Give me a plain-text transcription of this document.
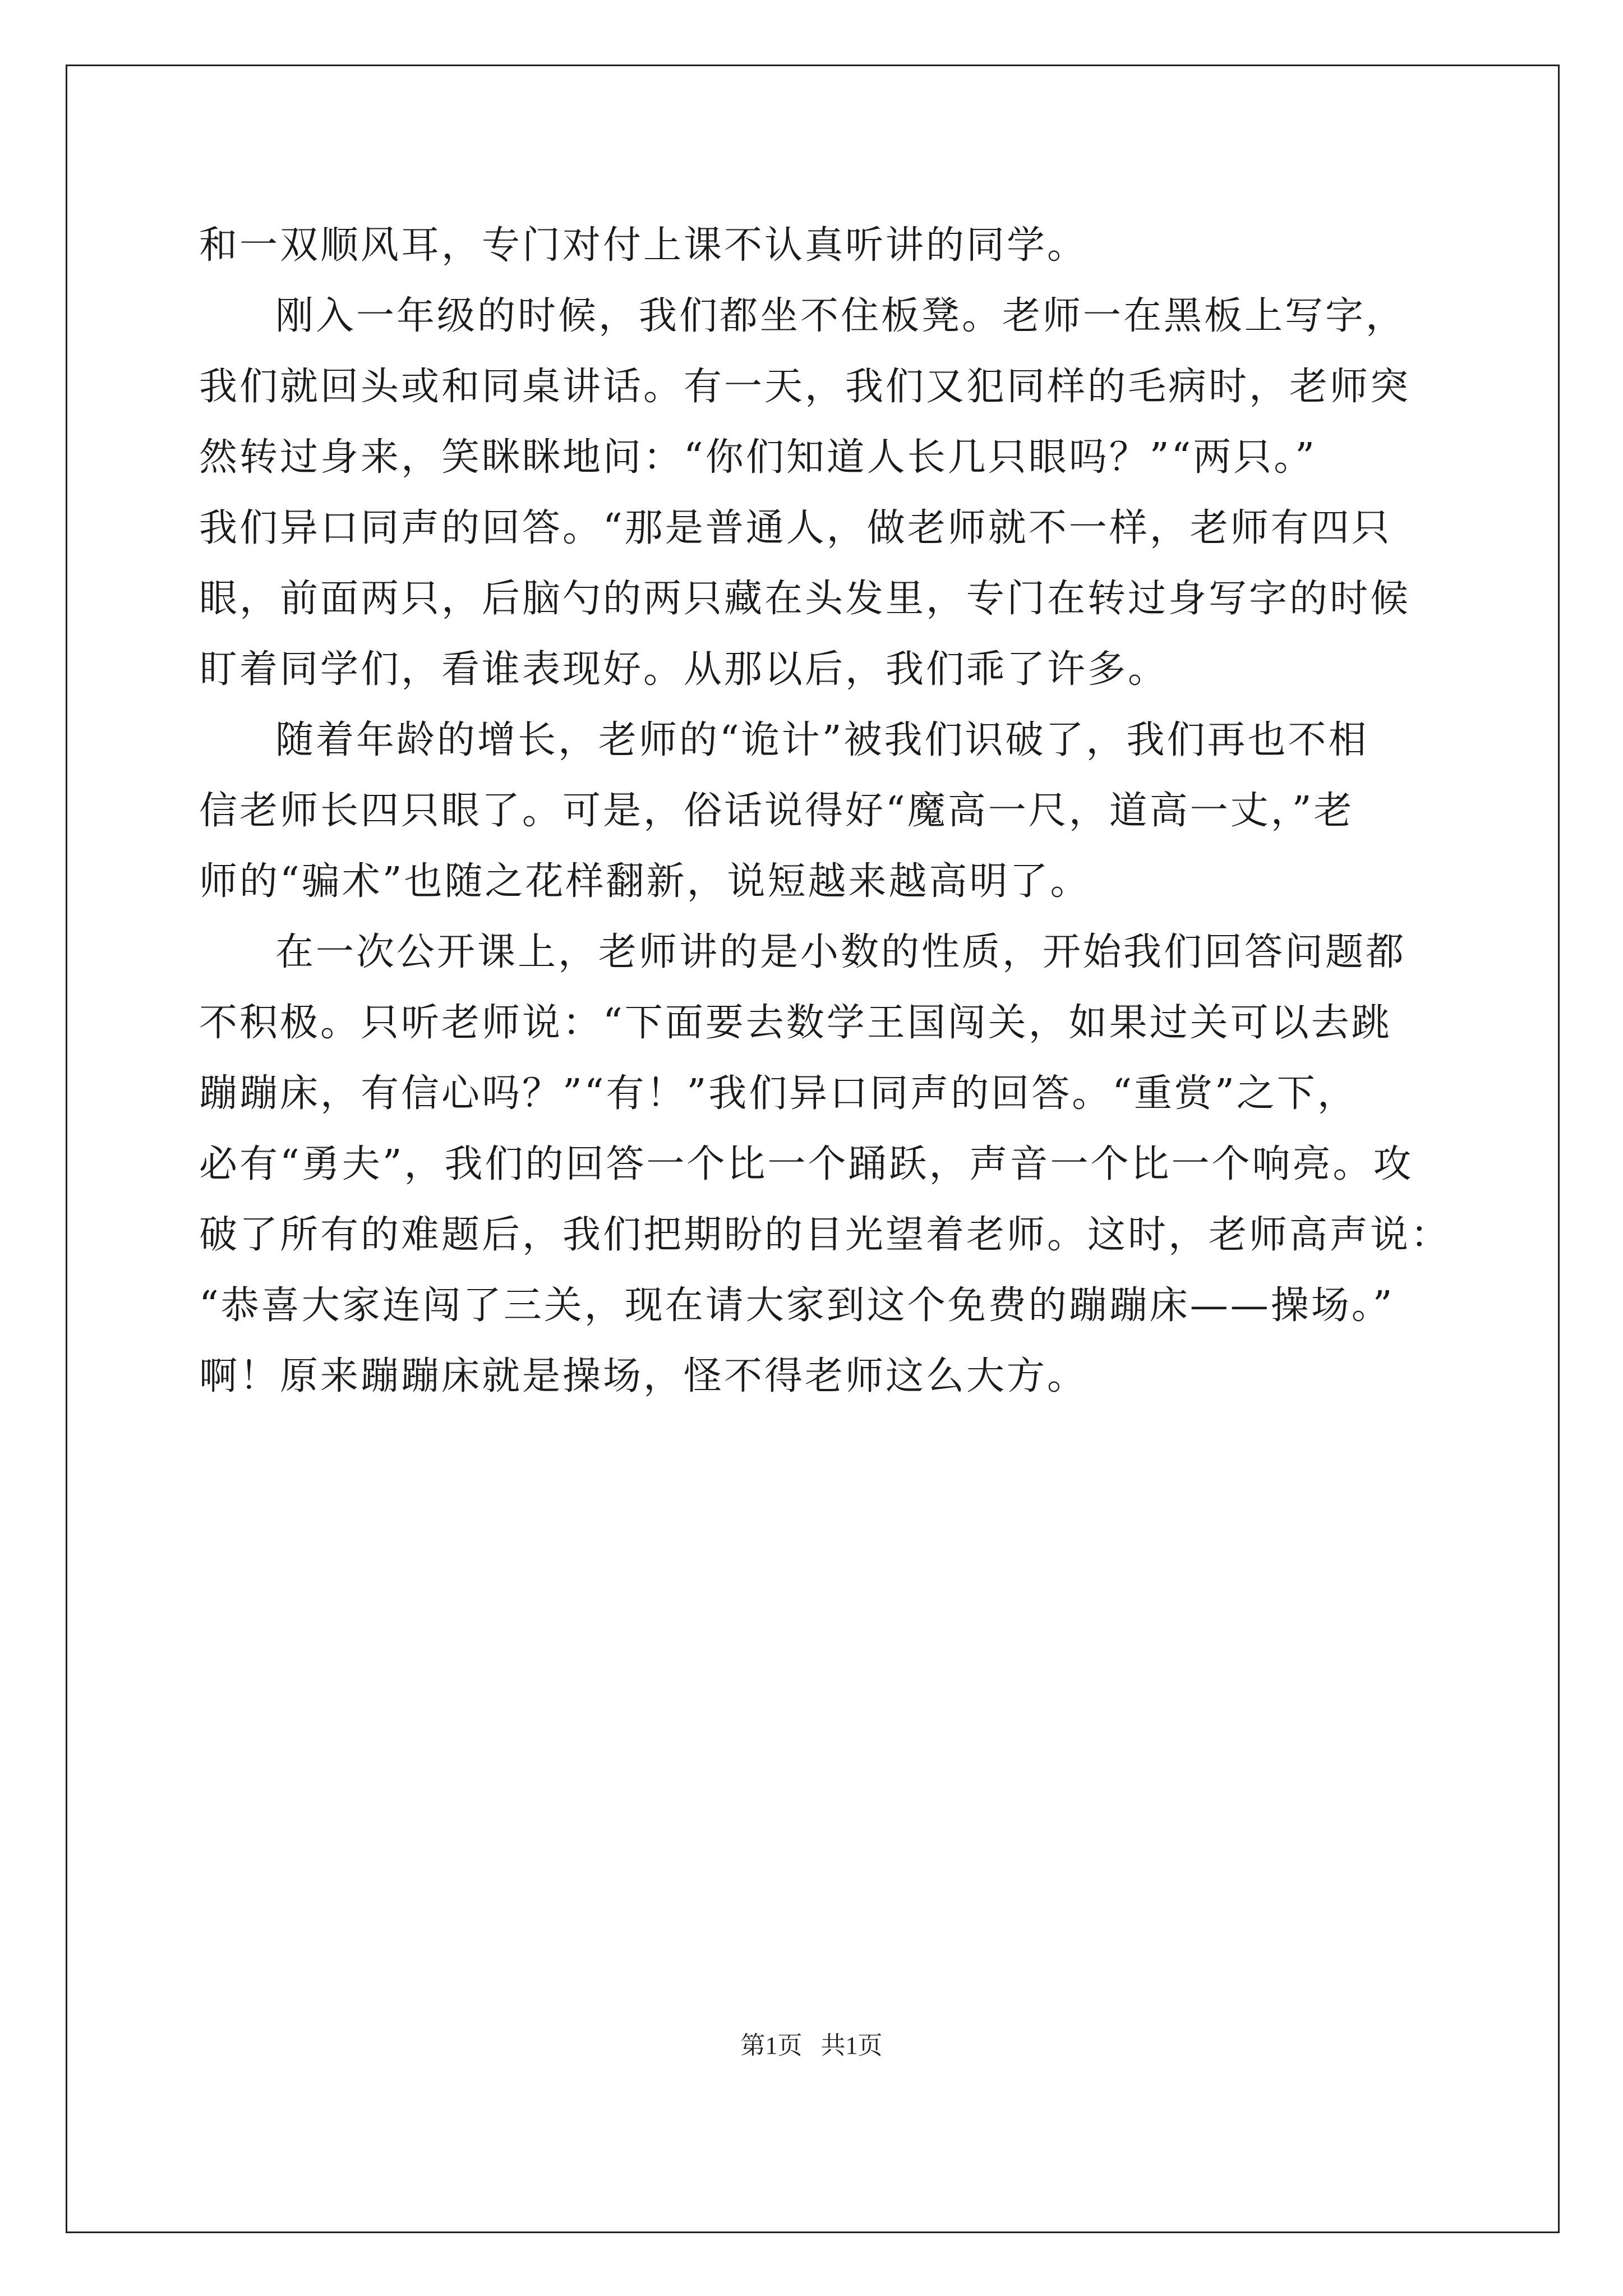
和一双顺风耳，专门对付上课不认真听讲的同学。
刚入一年级的时候，我们都坐不住板凳。老师一在黑板上写字，
我们就回头或和同桌讲话。有一天，我们又犯同样的毛病时，老师突
然转过身来，笑眯眯地问：“你们知道人长几只眼吗？”“两只。”
我们异口同声的回答。“那是普通人，做老师就不一样，老师有四只
眼，前面两只，后脑勺的两只藏在头发里，专门在转过身写字的时候
盯着同学们，看谁表现好。从那以后，我们乖了许多。
随着年龄的增长，老师的“诡计”被我们识破了，我们再也不相
信老师长四只眼了。可是，俗话说得好“魔高一尺，道高一丈，”老
师的“骗术”也随之花样翻新，说短越来越高明了。
在一次公开课上，老师讲的是小数的性质，开始我们回答问题都
不积极。只听老师说：“下面要去数学王国闯关，如果过关可以去跳
蹦蹦床，有信心吗？”“有！”我们异口同声的回答。“重赏”之下，
必有“勇夫”，我们的回答一个比一个踊跃，声音一个比一个响亮。攻
破了所有的难题后，我们把期盼的目光望着老师。这时，老师高声说：
“恭喜大家连闯了三关，现在请大家到这个免费的蹦蹦床——操场。”
啊！原来蹦蹦床就是操场，怪不得老师这么大方。
第1页   共1页
